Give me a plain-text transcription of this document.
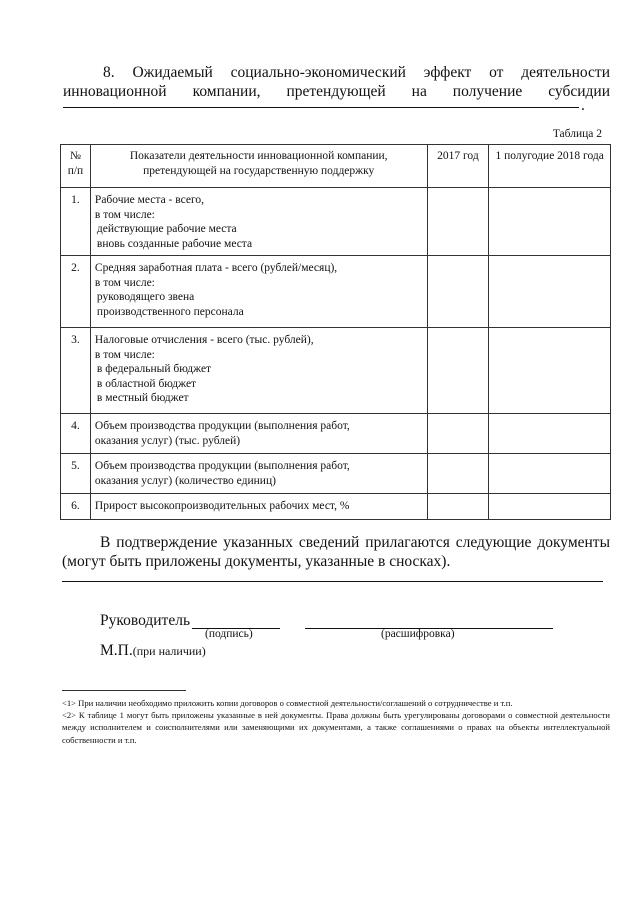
8. Ожидаемый социально-экономический эффект от деятельности
инновационной компании, претендующей на получение субсидии
.
Таблица 2
№ п/п	Показатели деятельности инновационной компании, претендующей на государственную поддержку	2017 год	1 полугодие 2018 года
1.	Рабочие места - всего,
в том числе:
действующие рабочие места
вновь созданные рабочие места		

2.	Средняя заработная плата - всего (рублей/месяц),
в том числе:
руководящего звена
производственного персонала		

3.	Налоговые отчисления - всего (тыс. рублей),
в том числе:
в федеральный бюджет
в областной бюджет
в местный бюджет		

4.	Объем производства продукции (выполнения работ,
оказания услуг) (тыс. рублей)		

5.	Объем производства продукции (выполнения работ,
оказания услуг) (количество единиц)		

6.	Прирост высокопроизводительных рабочих мест, %		

В подтверждение указанных сведений прилагаются следующие документы
(могут быть приложены документы, указанные в сносках).
Руководитель
(подпись)	(расшифровка)
М.П.(при наличии)

<1> При наличии необходимо приложить копии договоров о совместной деятельности/соглашений о сотрудничестве и т.п.

<2> К таблице 1 могут быть приложены указанные в ней документы. Права должны быть урегулированы договорами о совместной деятельности между исполнителем и соисполнителями или заменяющими их документами, а также соглашениями о правах на объекты интеллектуальной собственности и т.п.
